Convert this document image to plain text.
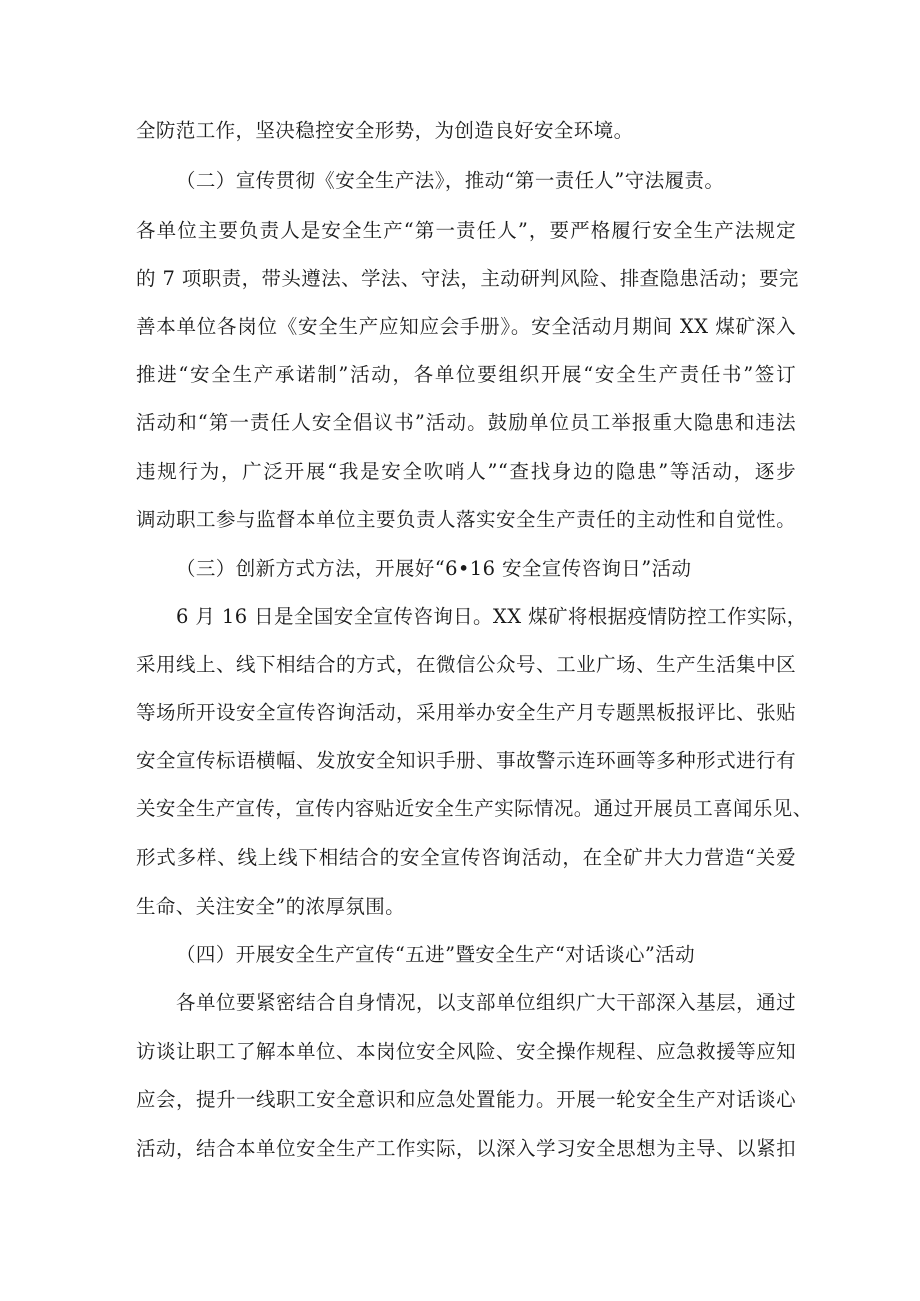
全防范工作，坚决稳控安全形势，为创造良好安全环境。

（二）宣传贯彻《安全生产法》，推动“第一责任人”守法履责。

各单位主要负责人是安全生产“第一责任人”，要严格履行安全生产法规定

的 7 项职责，带头遵法、学法、守法，主动研判风险、排查隐患活动；要完

善本单位各岗位《安全生产应知应会手册》。安全活动月期间 XX 煤矿深入

推进“安全生产承诺制”活动，各单位要组织开展“安全生产责任书”签订

活动和“第一责任人安全倡议书”活动。鼓励单位员工举报重大隐患和违法

违规行为，广泛开展“我是安全吹哨人”“查找身边的隐患”等活动，逐步

调动职工参与监督本单位主要负责人落实安全生产责任的主动性和自觉性。

（三）创新方式方法，开展好“6•16 安全宣传咨询日”活动

6 月 16 日是全国安全宣传咨询日。XX 煤矿将根据疫情防控工作实际，

采用线上、线下相结合的方式，在微信公众号、工业广场、生产生活集中区

等场所开设安全宣传咨询活动，采用举办安全生产月专题黑板报评比、张贴

安全宣传标语横幅、发放安全知识手册、事故警示连环画等多种形式进行有

关安全生产宣传，宣传内容贴近安全生产实际情况。通过开展员工喜闻乐见、

形式多样、线上线下相结合的安全宣传咨询活动，在全矿井大力营造“关爱

生命、关注安全”的浓厚氛围。

（四）开展安全生产宣传“五进”暨安全生产“对话谈心”活动

各单位要紧密结合自身情况，以支部单位组织广大干部深入基层，通过

访谈让职工了解本单位、本岗位安全风险、安全操作规程、应急救援等应知

应会，提升一线职工安全意识和应急处置能力。开展一轮安全生产对话谈心

活动，结合本单位安全生产工作实际，以深入学习安全思想为主导、以紧扣
